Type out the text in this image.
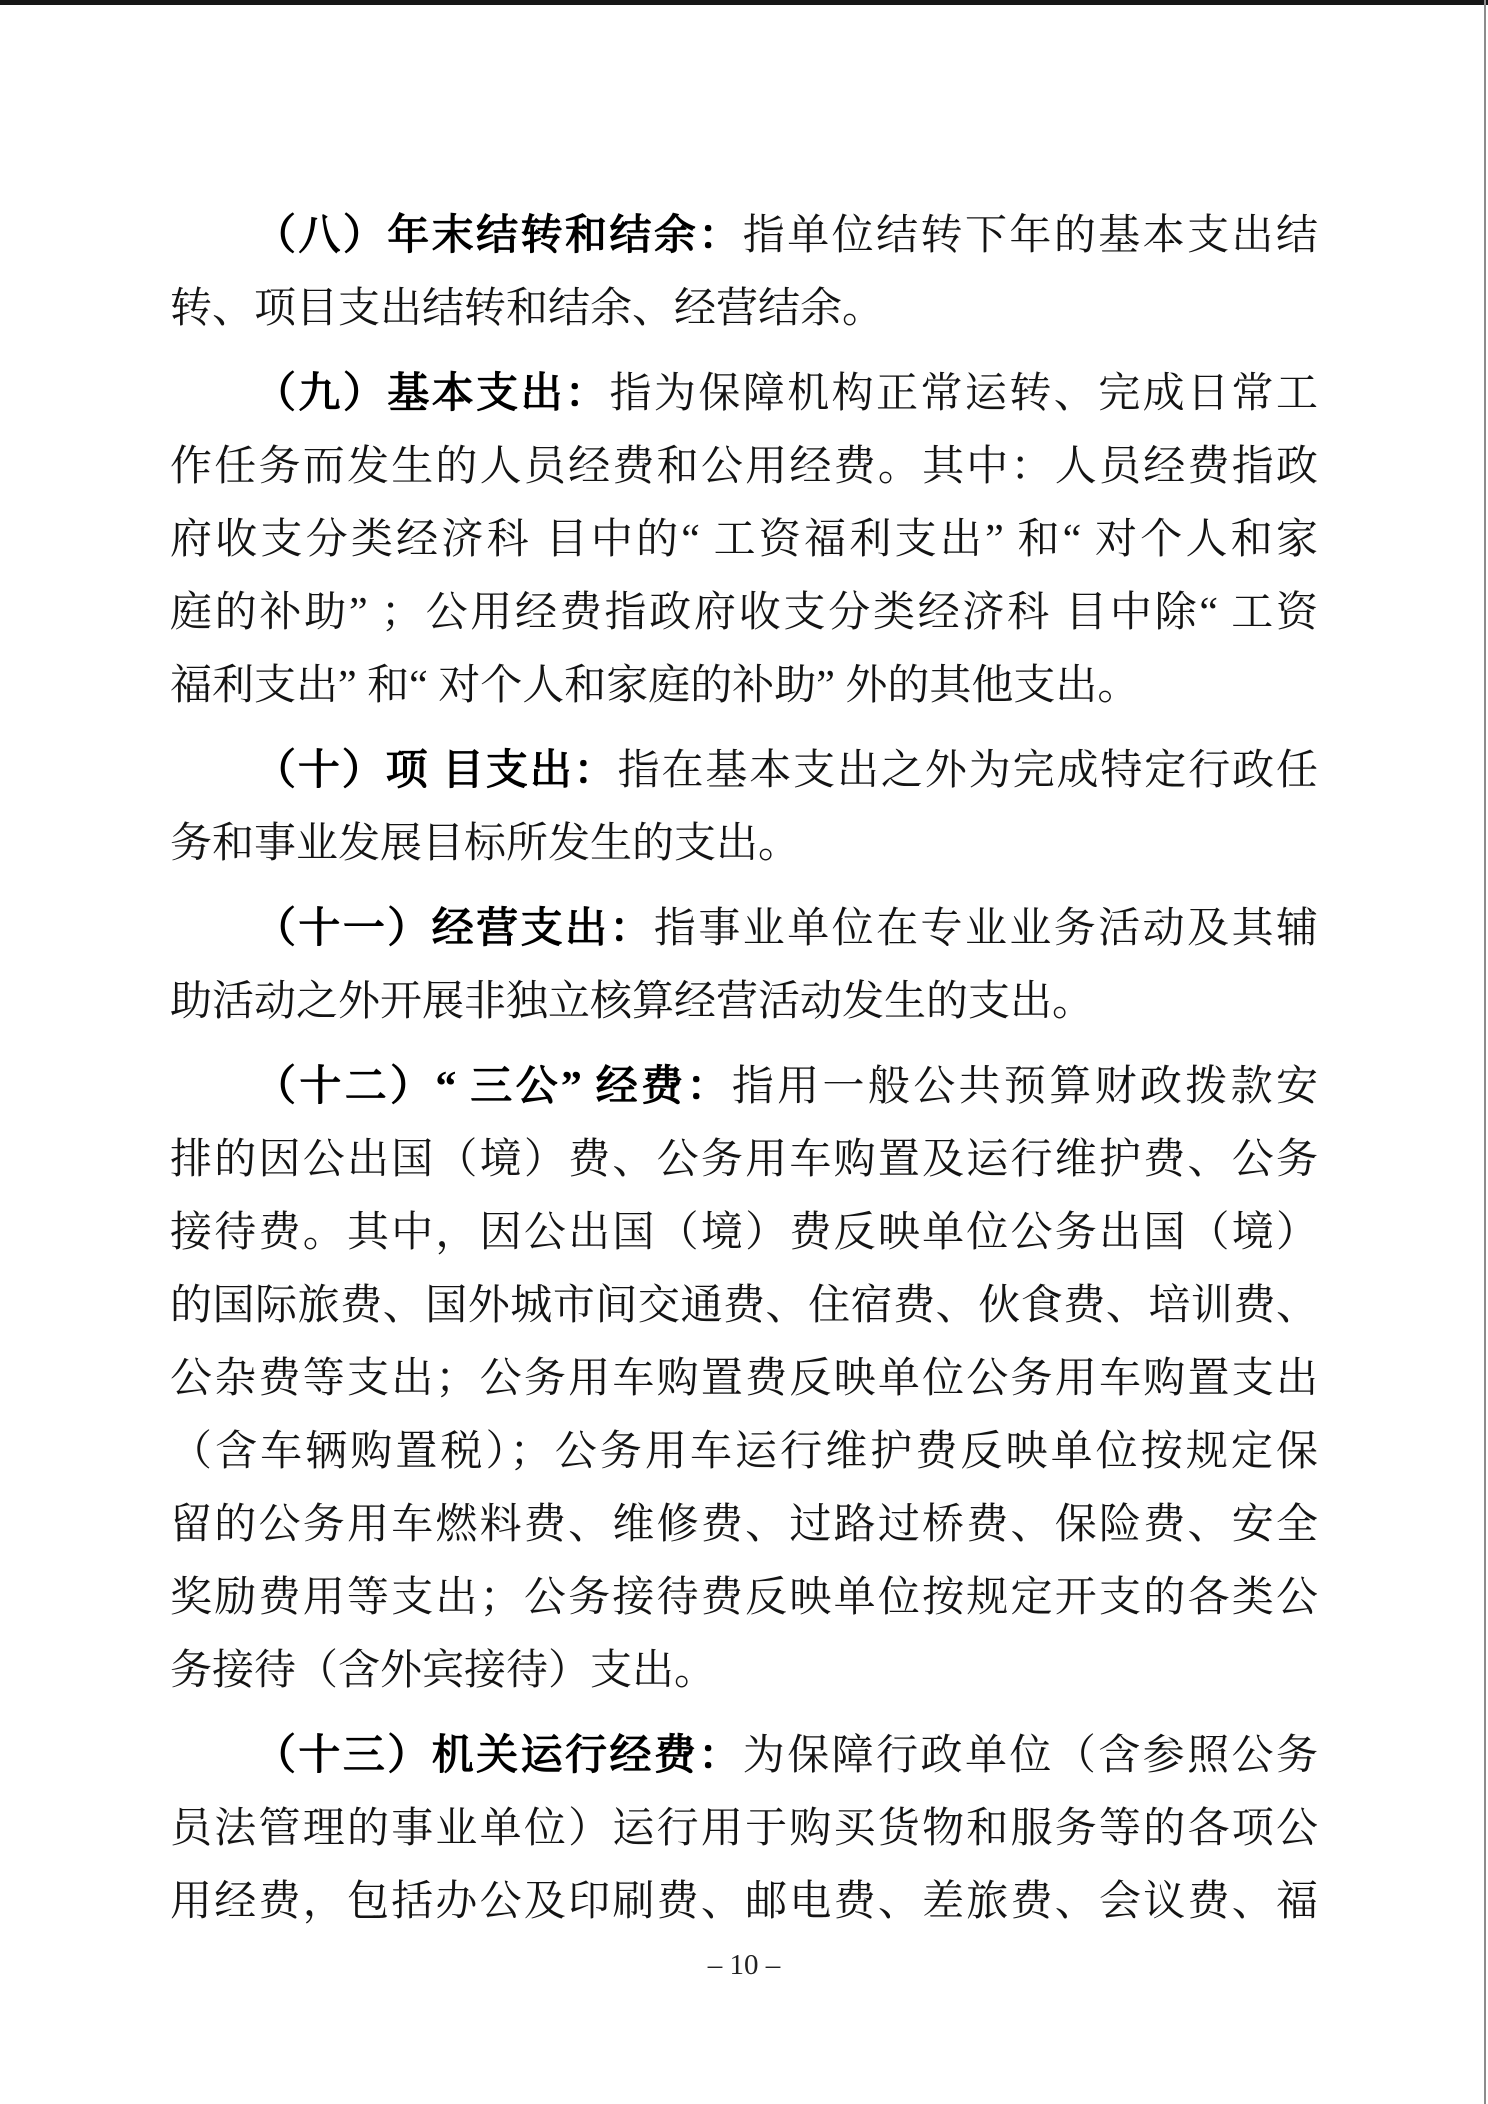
（八）年末结转和结余：指单位结转下年的基本支出结
转、项目支出结转和结余、经营结余。
（九）基本支出：指为保障机构正常运转、完成日常工
作任务而发生的人员经费和公用经费。其中：人员经费指政
府收支分类经济科 目中的“ 工资福利支出” 和“ 对个人和家
庭的补助” ；公用经费指政府收支分类经济科 目中除“ 工资
福利支出” 和“ 对个人和家庭的补助” 外的其他支出。
（十）项 目支出：指在基本支出之外为完成特定行政任
务和事业发展目标所发生的支出。
（十一）经营支出：指事业单位在专业业务活动及其辅
助活动之外开展非独立核算经营活动发生的支出。
（十二）“ 三公” 经费：指用一般公共预算财政拨款安
排的因公出国（境）费、公务用车购置及运行维护费、公务
接待费。其中，因公出国（境）费反映单位公务出国（境）
的国际旅费、国外城市间交通费、住宿费、伙食费、培训费、
公杂费等支出；公务用车购置费反映单位公务用车购置支出
（含车辆购置税）；公务用车运行维护费反映单位按规定保
留的公务用车燃料费、维修费、过路过桥费、保险费、安全
奖励费用等支出；公务接待费反映单位按规定开支的各类公
务接待（含外宾接待）支出。
（十三）机关运行经费：为保障行政单位（含参照公务
员法管理的事业单位）运行用于购买货物和服务等的各项公
用经费，包括办公及印刷费、邮电费、差旅费、会议费、福
– 10 –
